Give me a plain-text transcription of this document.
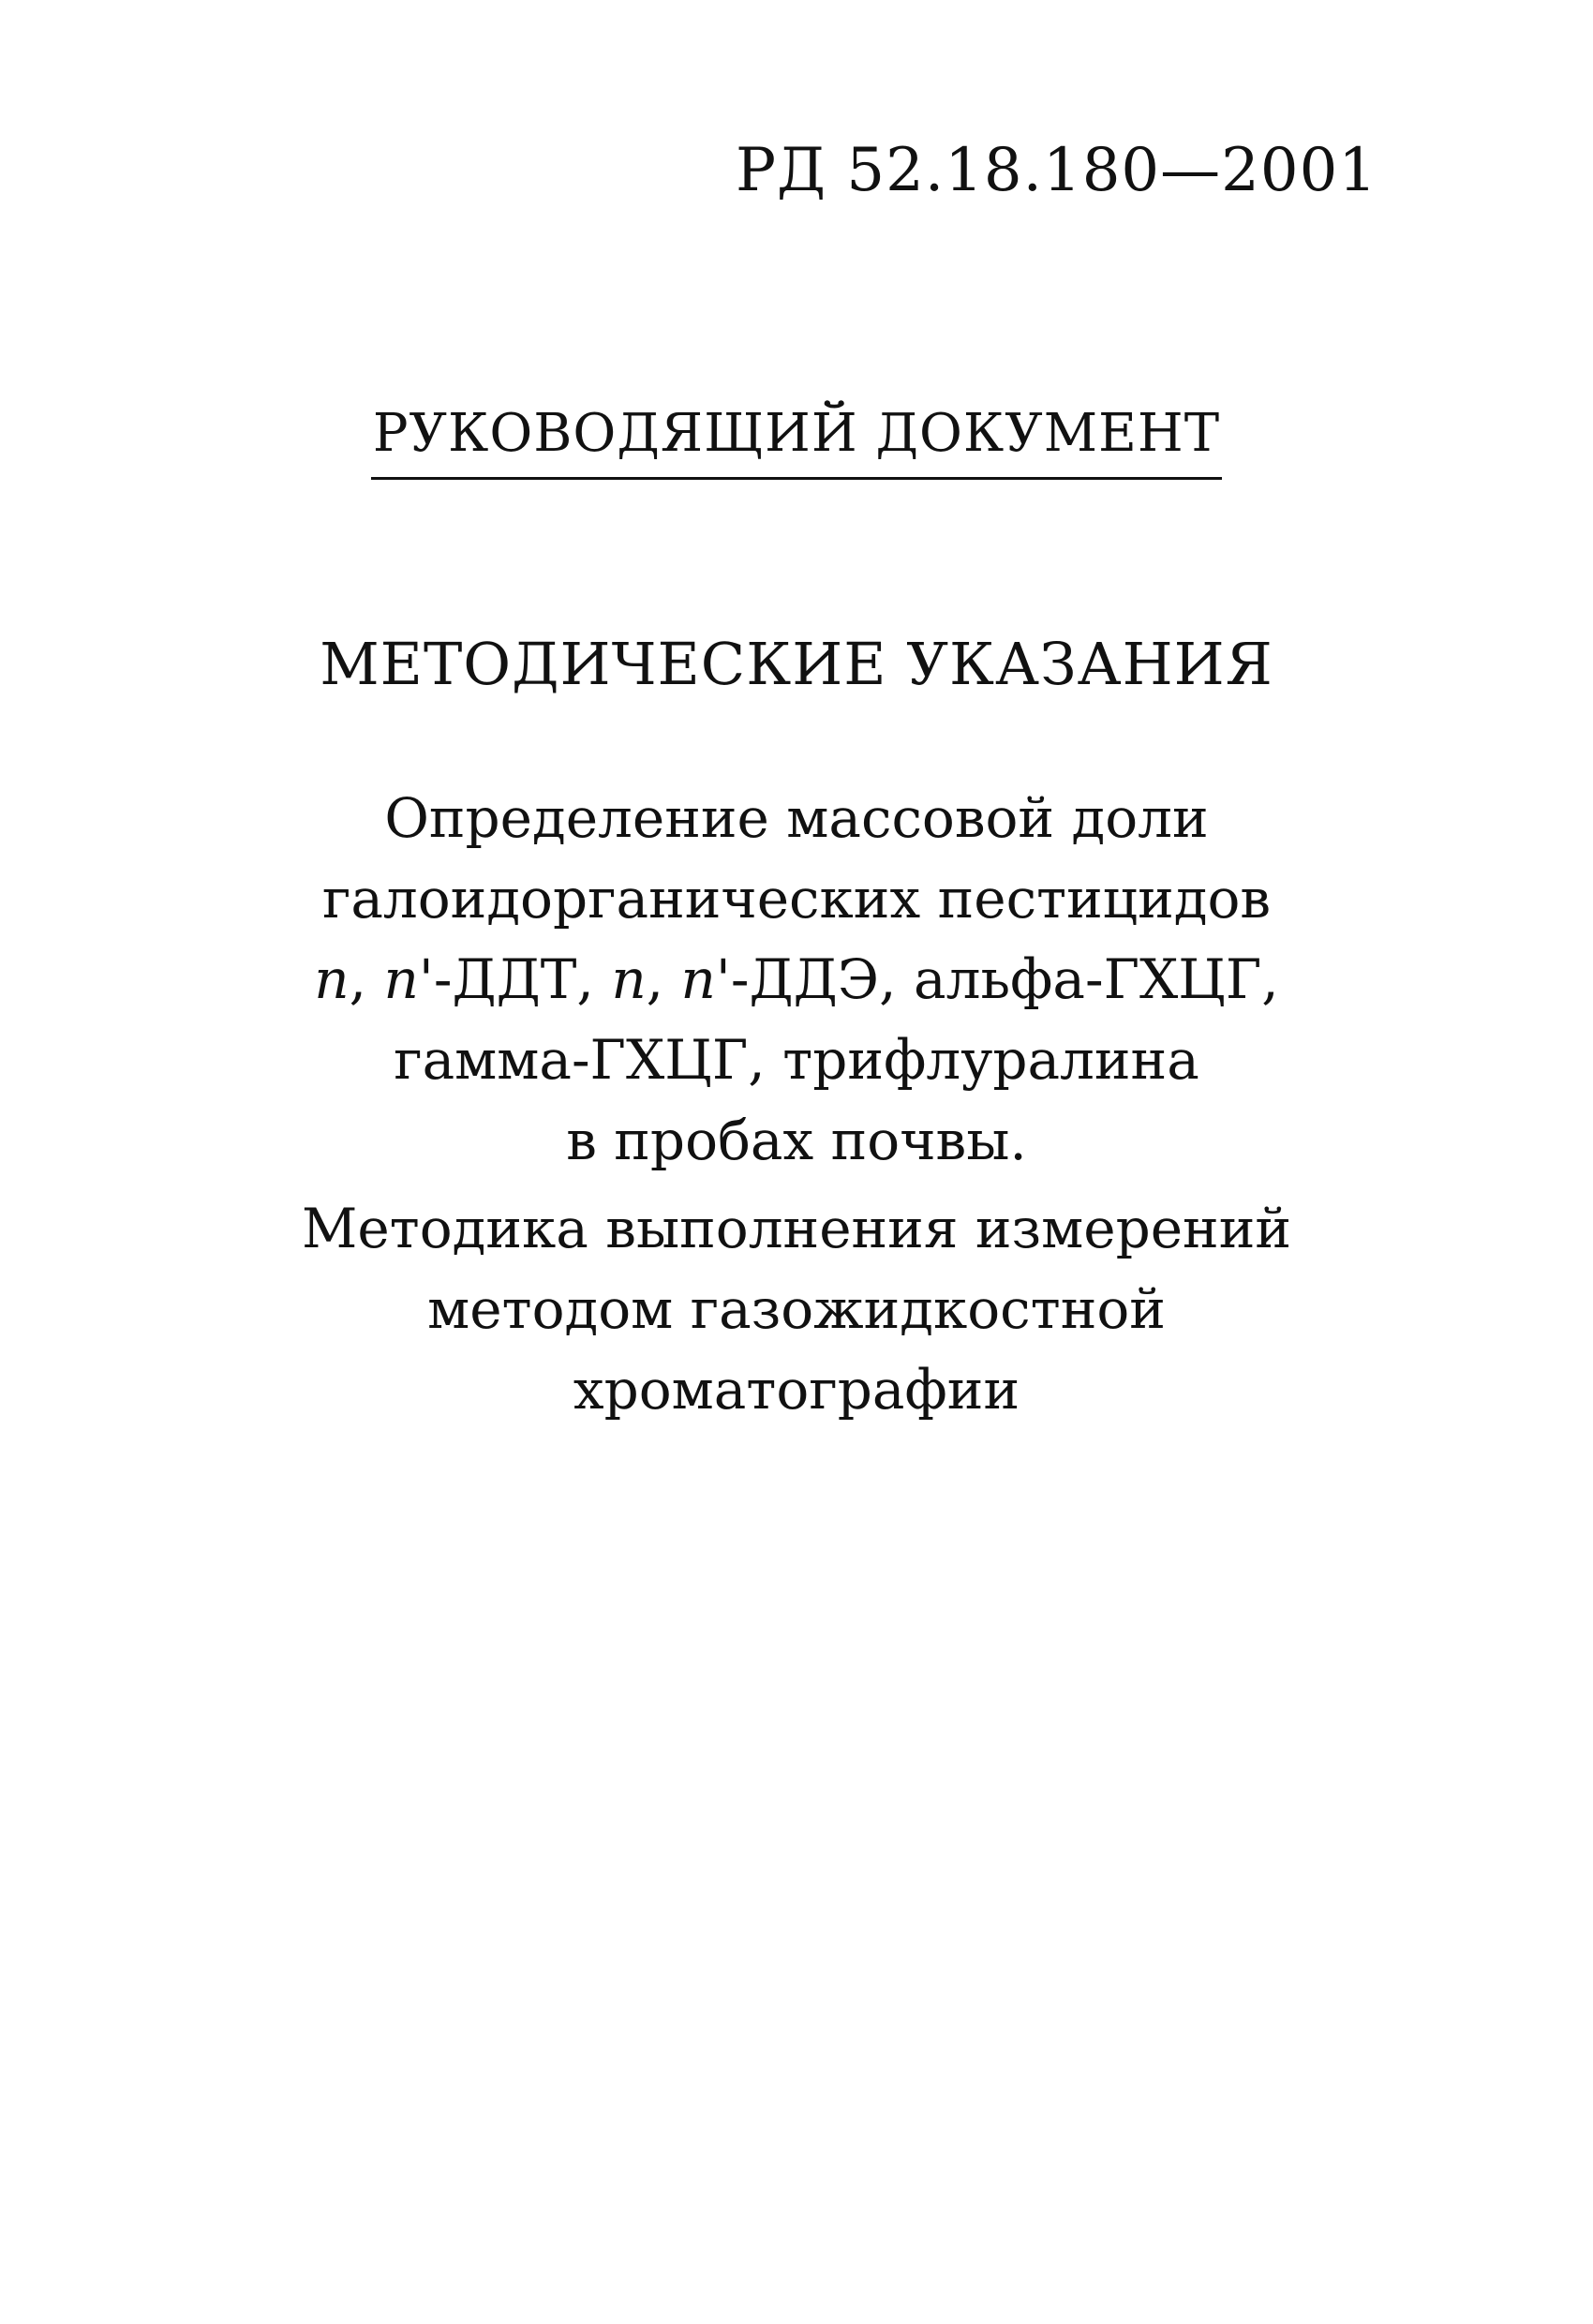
РД 52.18.180—2001
РУКОВОДЯЩИЙ ДОКУМЕНТ
МЕТОДИЧЕСКИЕ УКАЗАНИЯ
Определение массовой доли
галоидорганических пестицидов
п, п'-ДДТ, п, п'-ДДЭ, альфа-ГХЦГ,
гамма-ГХЦГ, трифлуралина
в пробах почвы.
Методика выполнения измерений
методом газожидкостной
хроматографии
